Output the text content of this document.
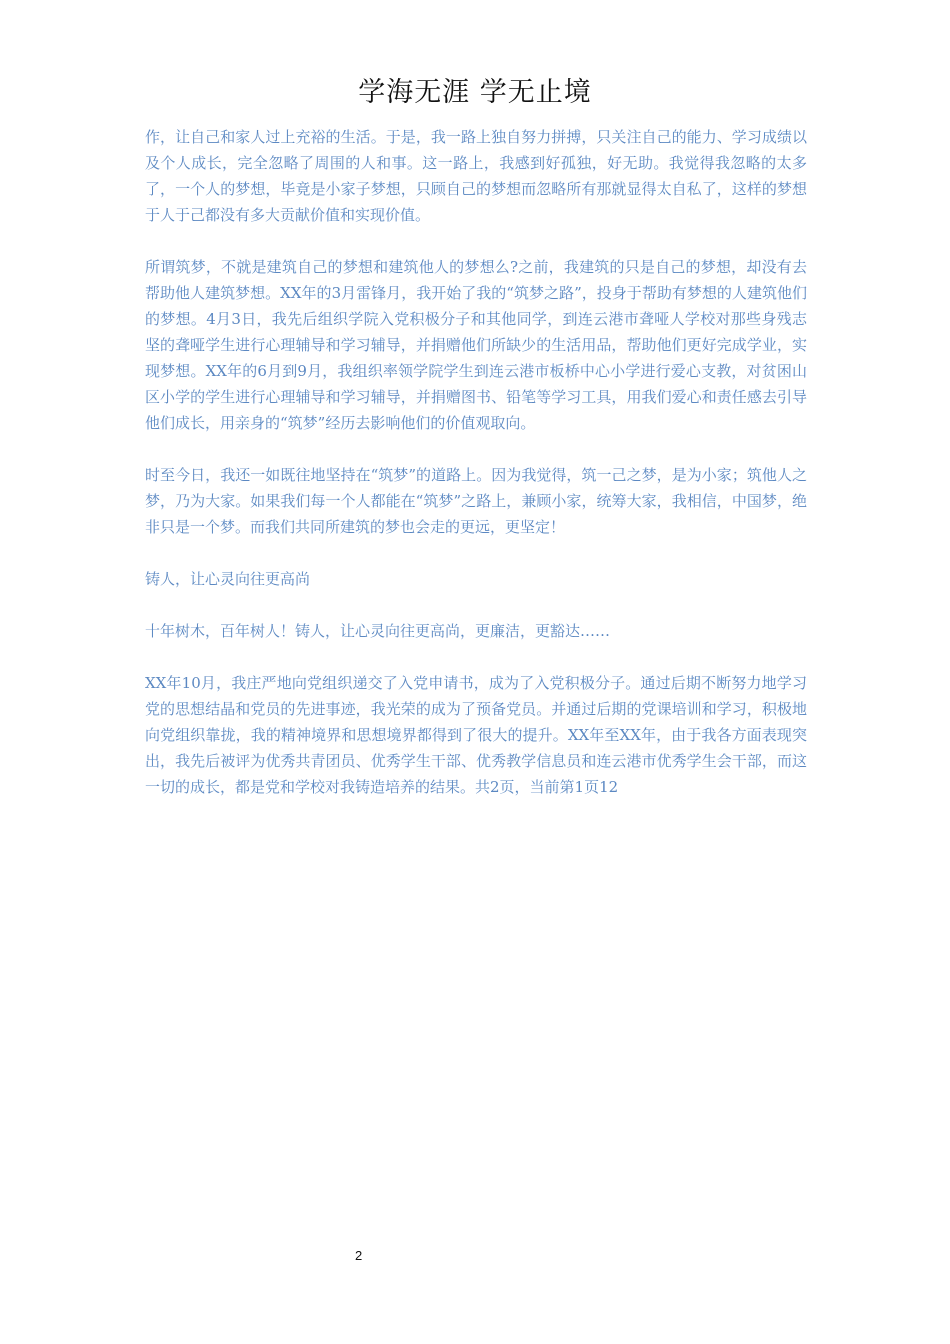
学海无涯 学无止境

作，让自己和家人过上充裕的生活。于是，我一路上独自努力拼搏，只关注自己的能力、学习成绩以及个人成长，完全忽略了周围的人和事。这一路上，我感到好孤独，好无助。我觉得我忽略的太多了，一个人的梦想，毕竟是小家子梦想，只顾自己的梦想而忽略所有那就显得太自私了，这样的梦想于人于己都没有多大贡献价值和实现价值。

所谓筑梦，不就是建筑自己的梦想和建筑他人的梦想么?之前，我建筑的只是自己的梦想，却没有去帮助他人建筑梦想。XX年的3月雷锋月，我开始了我的“筑梦之路”，投身于帮助有梦想的人建筑他们的梦想。4月3日，我先后组织学院入党积极分子和其他同学，到连云港市聋哑人学校对那些身残志坚的聋哑学生进行心理辅导和学习辅导，并捐赠他们所缺少的生活用品，帮助他们更好完成学业，实现梦想。XX年的6月到9月，我组织率领学院学生到连云港市板桥中心小学进行爱心支教，对贫困山区小学的学生进行心理辅导和学习辅导，并捐赠图书、铅笔等学习工具，用我们爱心和责任感去引导他们成长，用亲身的“筑梦”经历去影响他们的价值观取向。

时至今日，我还一如既往地坚持在“筑梦”的道路上。因为我觉得，筑一己之梦，是为小家；筑他人之梦，乃为大家。如果我们每一个人都能在“筑梦”之路上，兼顾小家，统筹大家，我相信，中国梦，绝非只是一个梦。而我们共同所建筑的梦也会走的更远，更坚定！

铸人，让心灵向往更高尚

十年树木，百年树人！铸人，让心灵向往更高尚，更廉洁，更豁达……

XX年10月，我庄严地向党组织递交了入党申请书，成为了入党积极分子。通过后期不断努力地学习党的思想结晶和党员的先进事迹，我光荣的成为了预备党员。并通过后期的党课培训和学习，积极地向党组织靠拢，我的精神境界和思想境界都得到了很大的提升。XX年至XX年，由于我各方面表现突出，我先后被评为优秀共青团员、优秀学生干部、优秀教学信息员和连云港市优秀学生会干部，而这一切的成长，都是党和学校对我铸造培养的结果。共2页，当前第1页12

2
